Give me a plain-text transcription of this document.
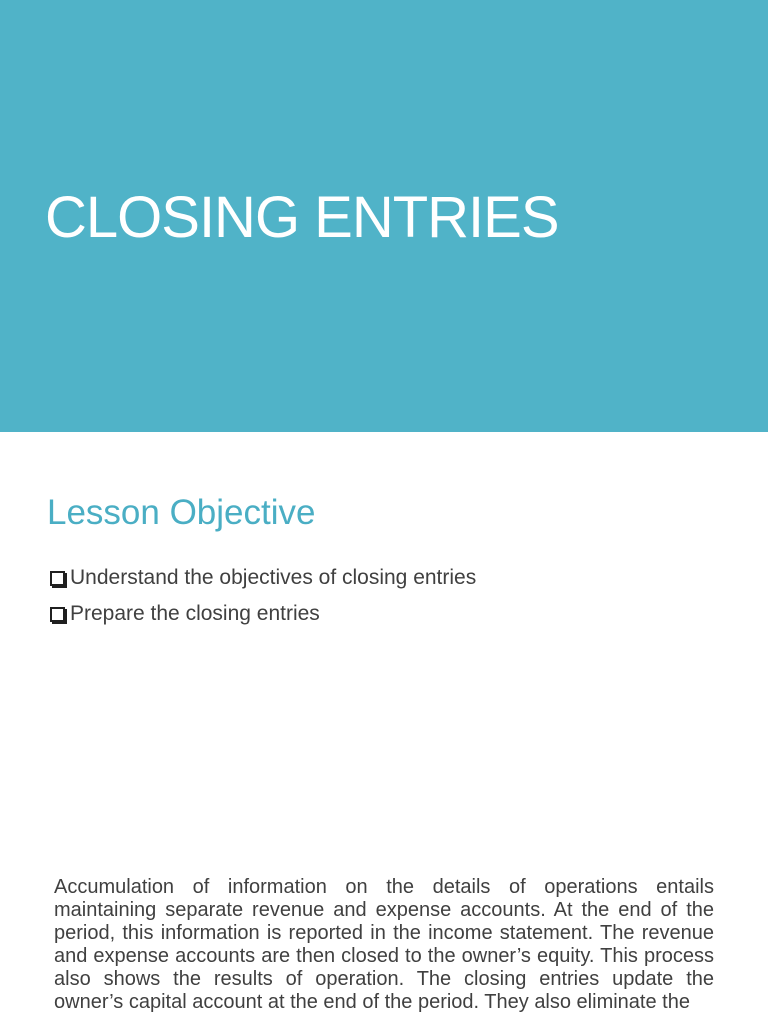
CLOSING ENTRIES
Lesson Objective
Understand the objectives of closing entries
Prepare the closing entries

Accumulation of information on the details of operations entails maintaining separate revenue and expense accounts. At the end of the period, this information is reported in the income statement. The revenue and expense accounts are then closed to the owner’s equity. This process also shows the results of operation. The closing entries update the owner’s capital account at the end of the period. They also eliminate the
